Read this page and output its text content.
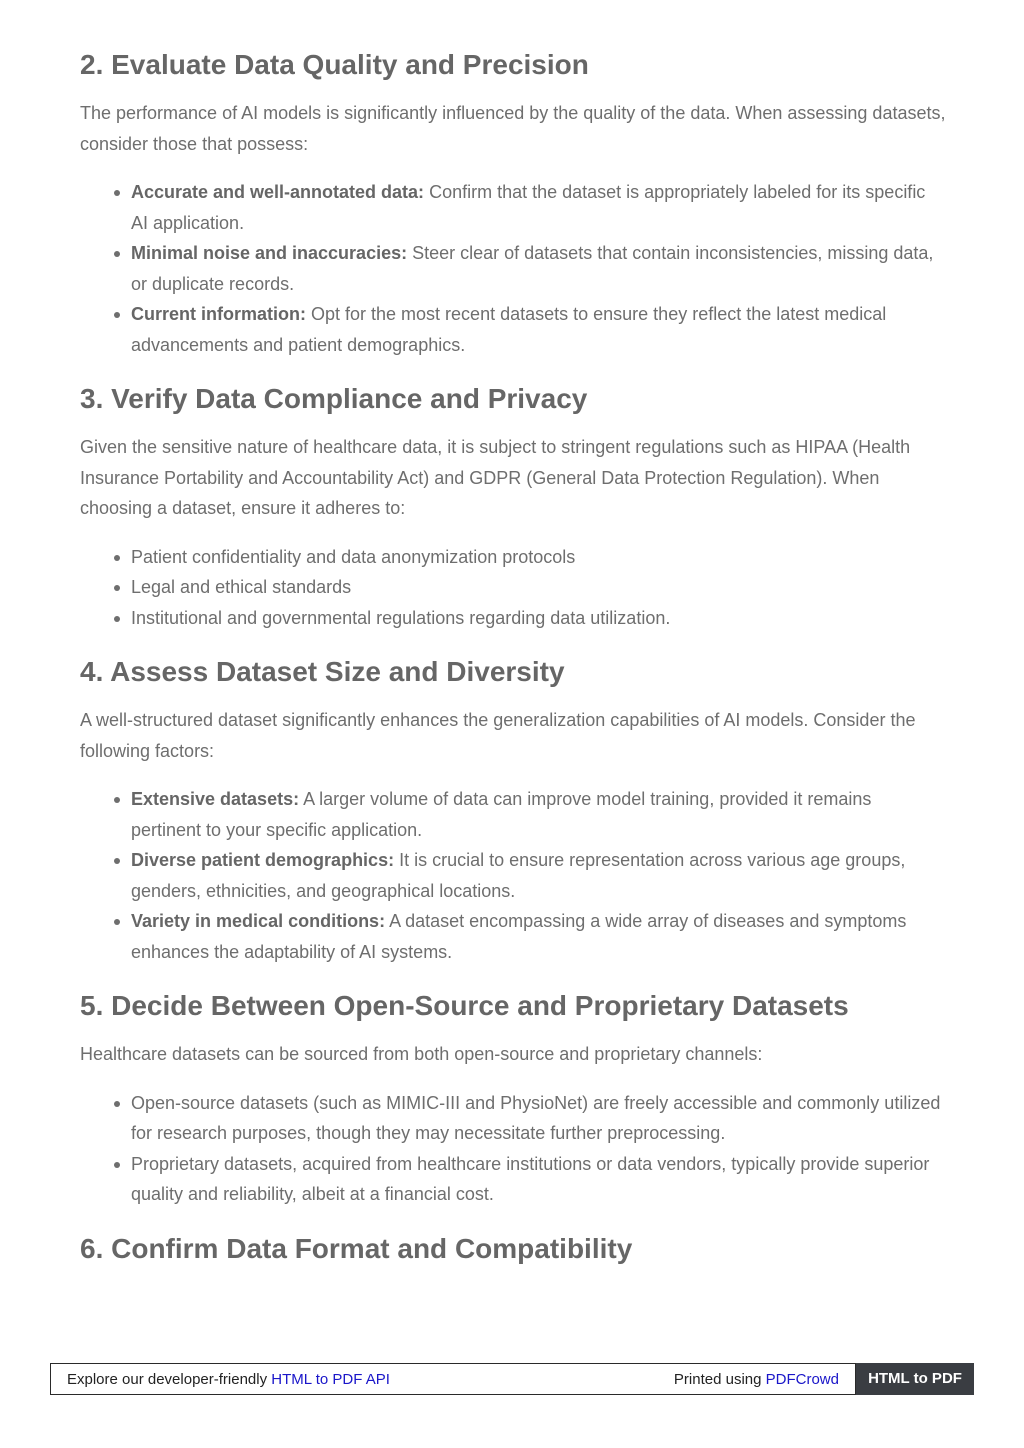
2. Evaluate Data Quality and Precision

The performance of AI models is significantly influenced by the quality of the data. When assessing datasets, consider those that possess:

Accurate and well-annotated data: Confirm that the dataset is appropriately labeled for its specific AI application.
Minimal noise and inaccuracies: Steer clear of datasets that contain inconsistencies, missing data, or duplicate records.
Current information: Opt for the most recent datasets to ensure they reflect the latest medical advancements and patient demographics.
3. Verify Data Compliance and Privacy

Given the sensitive nature of healthcare data, it is subject to stringent regulations such as HIPAA (Health Insurance Portability and Accountability Act) and GDPR (General Data Protection Regulation). When choosing a dataset, ensure it adheres to:

Patient confidentiality and data anonymization protocols
Legal and ethical standards
Institutional and governmental regulations regarding data utilization.
4. Assess Dataset Size and Diversity

A well-structured dataset significantly enhances the generalization capabilities of AI models. Consider the following factors:

Extensive datasets: A larger volume of data can improve model training, provided it remains pertinent to your specific application.
Diverse patient demographics: It is crucial to ensure representation across various age groups, genders, ethnicities, and geographical locations.
Variety in medical conditions: A dataset encompassing a wide array of diseases and symptoms enhances the adaptability of AI systems.
5. Decide Between Open-Source and Proprietary Datasets

Healthcare datasets can be sourced from both open-source and proprietary channels:

Open-source datasets (such as MIMIC-III and PhysioNet) are freely accessible and commonly utilized for research purposes, though they may necessitate further preprocessing.
Proprietary datasets, acquired from healthcare institutions or data vendors, typically provide superior quality and reliability, albeit at a financial cost.
6. Confirm Data Format and Compatibility
Explore our developer-friendly HTML to PDF API	Printed using PDFCrowd	HTML to PDF
